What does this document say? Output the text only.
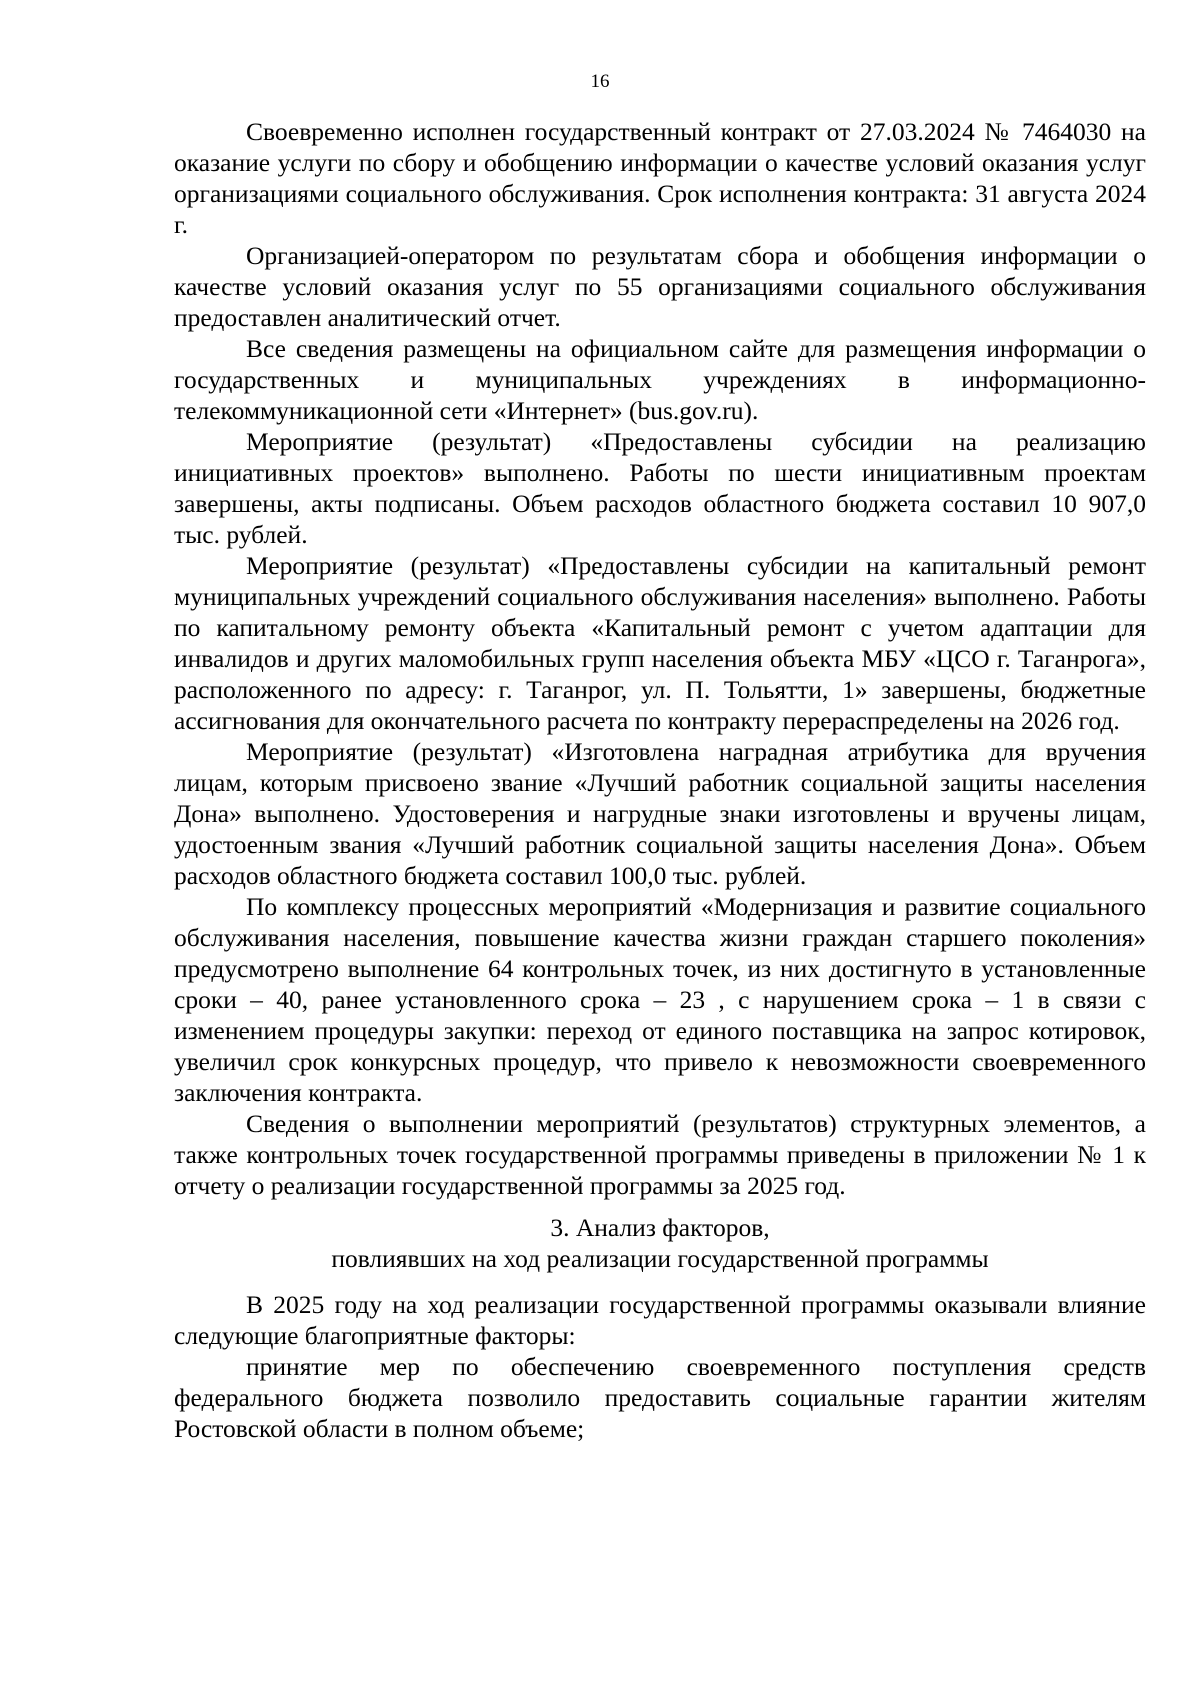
16

Своевременно исполнен государственный контракт от 27.03.2024 № 7464030 на оказание услуги по сбору и обобщению информации о качестве условий оказания услуг организациями социального обслуживания. Срок исполнения контракта: 31 августа 2024 г.

Организацией-оператором по результатам сбора и обобщения информации о качестве условий оказания услуг по 55 организациями социального обслуживания предоставлен аналитический отчет.

Все сведения размещены на официальном сайте для размещения информации о государственных и муниципальных учреждениях в информационно-телекоммуникационной сети «Интернет» (bus.gov.ru).

Мероприятие (результат) «Предоставлены субсидии на реализацию инициативных проектов» выполнено. Работы по шести инициативным проектам завершены, акты подписаны. Объем расходов областного бюджета составил 10 907,0 тыс. рублей.

Мероприятие (результат) «Предоставлены субсидии на капитальный ремонт муниципальных учреждений социального обслуживания населения» выполнено. Работы по капитальному ремонту объекта «Капитальный ремонт с учетом адаптации для инвалидов и других маломобильных групп населения объекта МБУ «ЦСО г. Таганрога», расположенного по адресу: г. Таганрог, ул. П. Тольятти, 1» завершены, бюджетные ассигнования для окончательного расчета по контракту перераспределены на 2026 год.

Мероприятие (результат) «Изготовлена наградная атрибутика для вручения лицам, которым присвоено звание «Лучший работник социальной защиты населения Дона» выполнено. Удостоверения и нагрудные знаки изготовлены и вручены лицам, удостоенным звания «Лучший работник социальной защиты населения Дона». Объем расходов областного бюджета составил 100,0 тыс. рублей.

По комплексу процессных мероприятий «Модернизация и развитие социального обслуживания населения, повышение качества жизни граждан старшего поколения» предусмотрено выполнение 64 контрольных точек, из них достигнуто в установленные сроки – 40, ранее установленного срока – 23 , с нарушением срока – 1 в связи с изменением процедуры закупки: переход от единого поставщика на запрос котировок, увеличил срок конкурсных процедур, что привело к невозможности своевременного заключения контракта.

Сведения о выполнении мероприятий (результатов) структурных элементов, а также контрольных точек государственной программы приведены в приложении № 1 к отчету о реализации государственной программы за 2025 год.

3. Анализ факторов,
повлиявших на ход реализации государственной программы

В 2025 году на ход реализации государственной программы оказывали влияние следующие благоприятные факторы:

принятие мер по обеспечению своевременного поступления средств федерального бюджета позволило предоставить социальные гарантии жителям Ростовской области в полном объеме;
